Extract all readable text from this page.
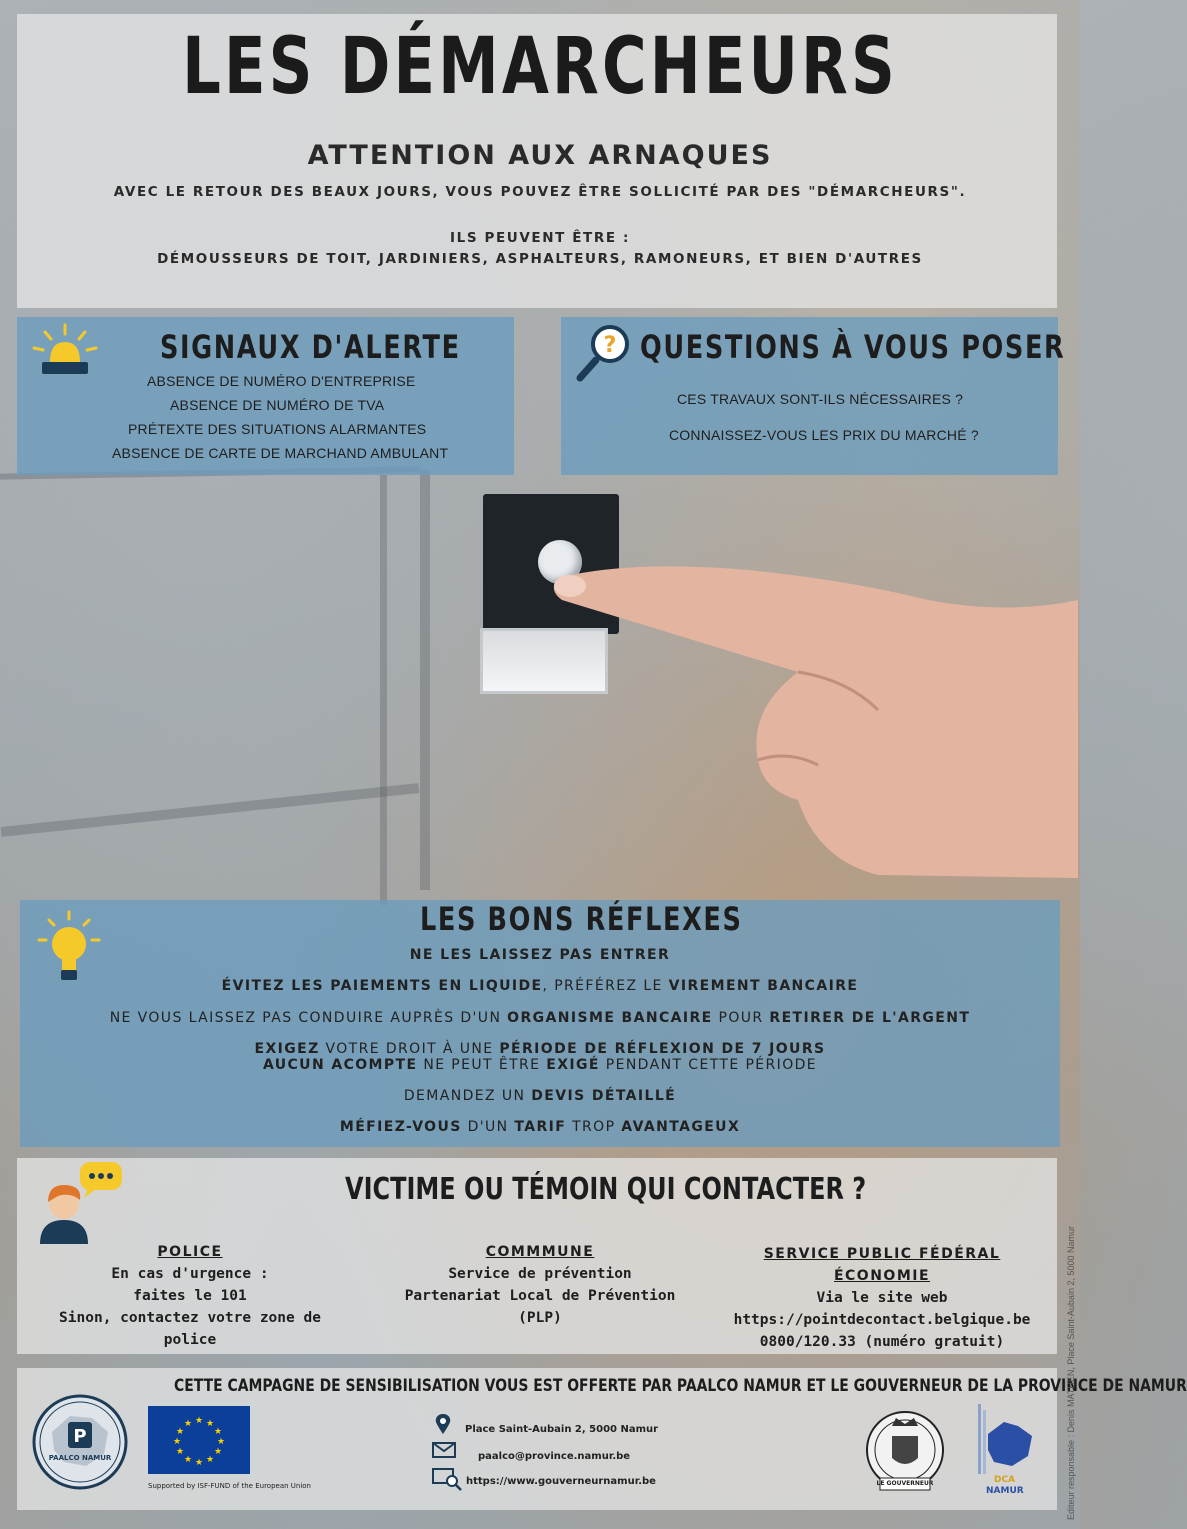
LES DÉMARCHEURS
ATTENTION AUX ARNAQUES
AVEC LE RETOUR DES BEAUX JOURS, VOUS POUVEZ ÊTRE SOLLICITÉ PAR DES "DÉMARCHEURS".
ILS PEUVENT ÊTRE :
DÉMOUSSEURS DE TOIT, JARDINIERS, ASPHALTEURS, RAMONEURS, ET BIEN D'AUTRES
SIGNAUX D'ALERTE
ABSENCE DE NUMÉRO D'ENTREPRISE
ABSENCE DE NUMÉRO DE TVA
PRÉTEXTE DES SITUATIONS ALARMANTES
ABSENCE DE CARTE DE MARCHAND AMBULANT
? QUESTIONS À VOUS POSER
CES TRAVAUX SONT-ILS NÉCESSAIRES ?
CONNAISSEZ-VOUS LES PRIX DU MARCHÉ ?
LES BONS RÉFLEXES
NE LES LAISSEZ PAS ENTRER
ÉVITEZ LES PAIEMENTS EN LIQUIDE, PRÉFÉREZ LE VIREMENT BANCAIRE
NE VOUS LAISSEZ PAS CONDUIRE AUPRÈS D'UN ORGANISME BANCAIRE POUR RETIRER DE L'ARGENT
EXIGEZ VOTRE DROIT À UNE PÉRIODE DE RÉFLEXION DE 7 JOURS
AUCUN ACOMPTE NE PEUT ÊTRE EXIGÉ PENDANT CETTE PÉRIODE
DEMANDEZ UN DEVIS DÉTAILLÉ
MÉFIEZ-VOUS D'UN TARIF TROP AVANTAGEUX
VICTIME OU TÉMOIN QUI CONTACTER ?
POLICE
En cas d'urgence :
faites le 101
Sinon, contactez votre zone de police
COMMMUNE
Service de prévention
Partenariat Local de Prévention (PLP)
SERVICE PUBLIC FÉDÉRAL ÉCONOMIE
Via le site web
https://pointdecontact.belgique.be
0800/120.33 (numéro gratuit)
CETTE CAMPAGNE DE SENSIBILISATION VOUS EST OFFERTE PAR PAALCO NAMUR ET LE GOUVERNEUR DE LA PROVINCE DE NAMUR
P
PAALCO NAMUR
★ ★
★
★
★
★
★
★
★
★
★
★
Supported by ISF-FUND of the European Union
Place Saint-Aubain 2, 5000 Namur
paalco@province.namur.be
https://www.gouverneurnamur.be	LE GOUVERNEUR	DCA
NAMUR	Editeur responsable : Denis MATHEN, Place Saint-Aubain 2, 5000 Namur
